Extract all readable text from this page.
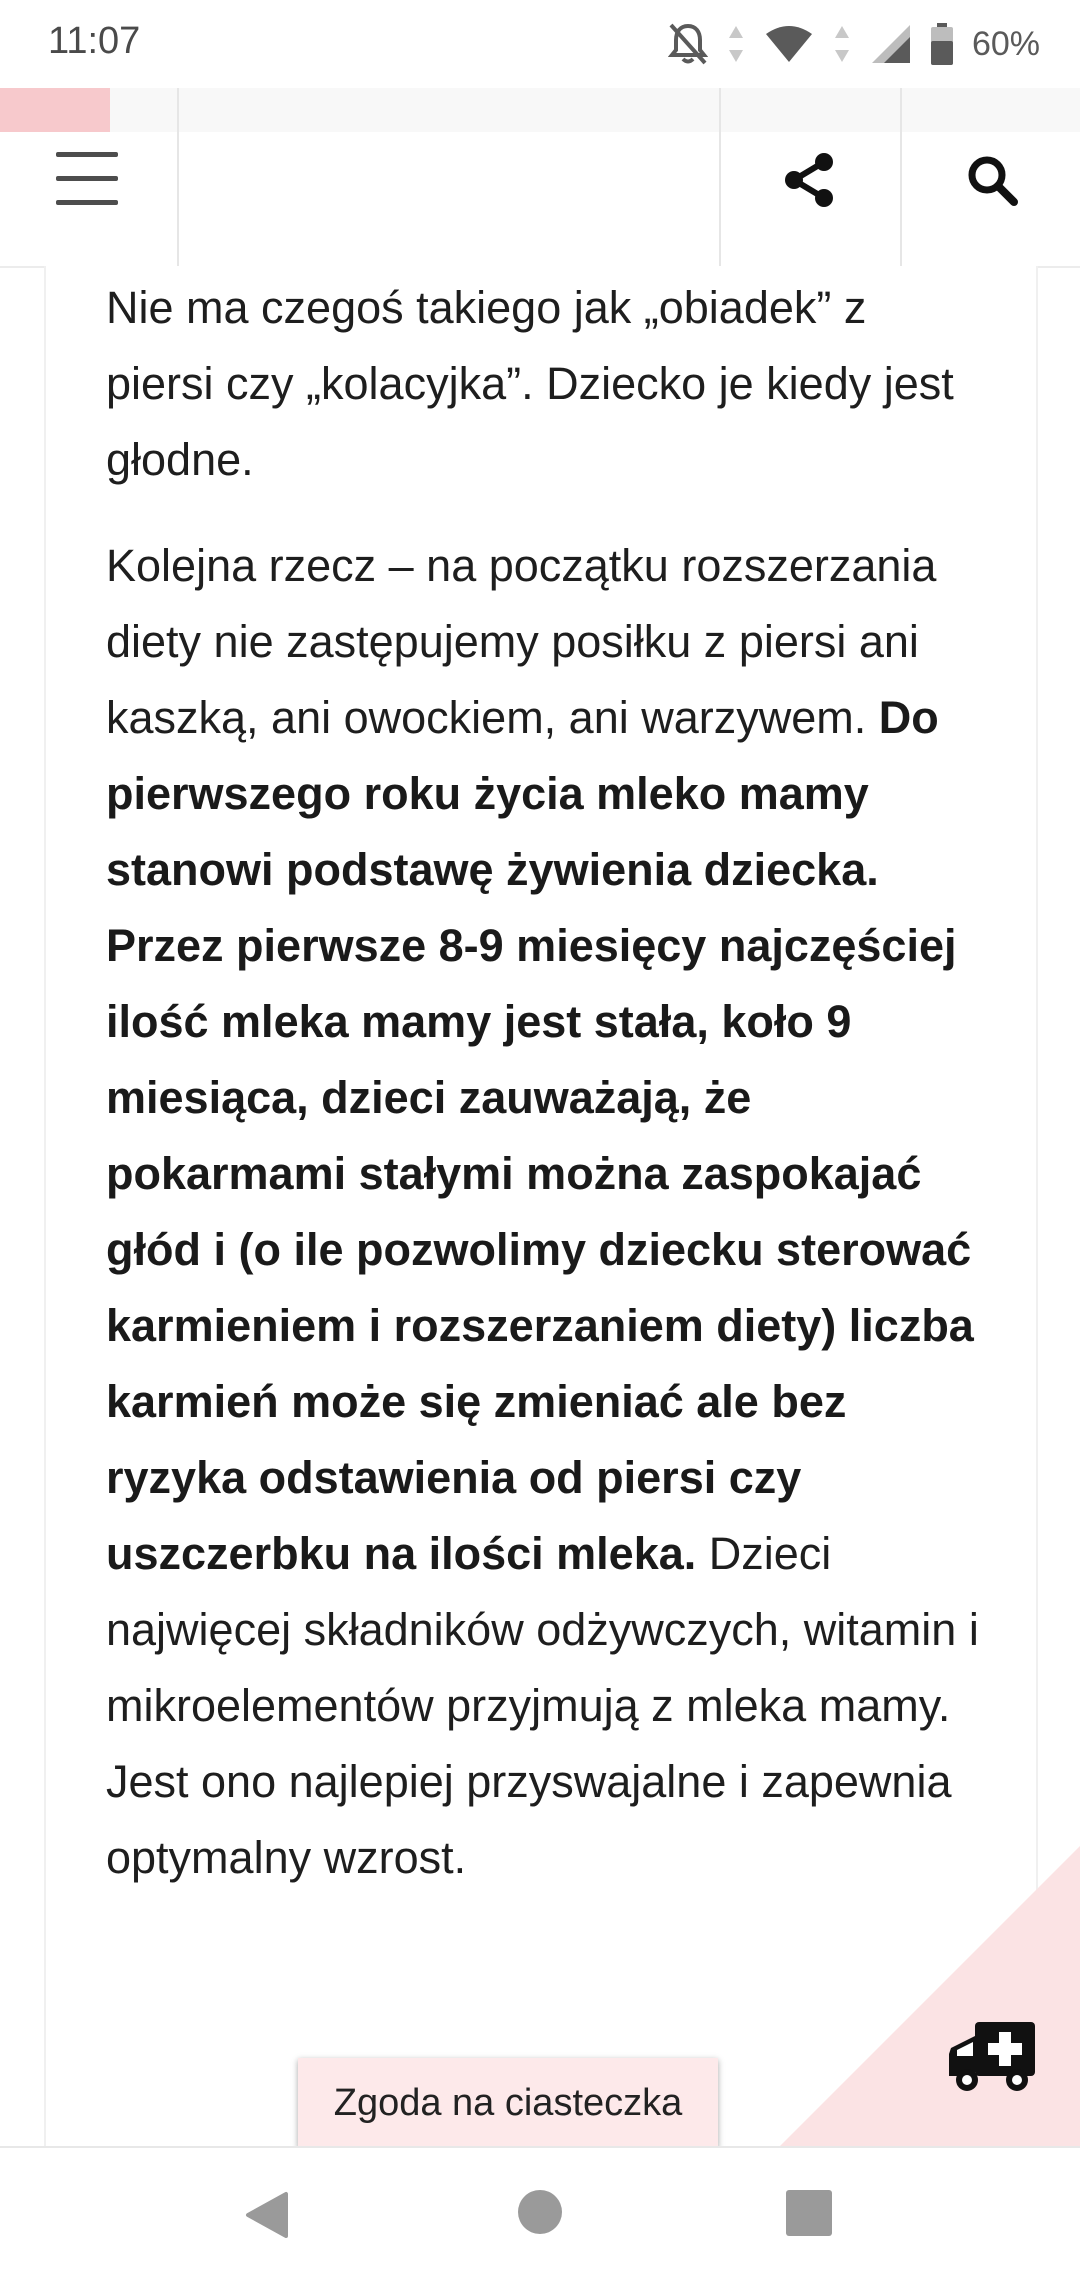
11:07	60%

Nie ma czegoś takiego jak „obiadek” z piersi czy „kolacyjka”. Dziecko je kiedy jest głodne.

Kolejna rzecz – na początku rozszerzania diety nie zastępujemy posiłku z piersi ani kaszką, ani owockiem, ani warzywem. Do pierwszego roku życia mleko mamy stanowi podstawę żywienia dziecka. Przez pierwsze 8-9 miesięcy najczęściej ilość mleka mamy jest stała, koło 9 miesiąca, dzieci zauważają, że pokarmami stałymi można zaspokajać głód i (o ile pozwolimy dziecku sterować karmieniem i rozszerzaniem diety) liczba karmień może się zmieniać ale bez ryzyka odstawienia od piersi czy uszczerbku na ilości mleka. Dzieci najwięcej składników odżywczych, witamin i mikroelementów przyjmują z mleka mamy. Jest ono najlepiej przyswajalne i zapewnia optymalny wzrost.

Zgoda na ciasteczka
